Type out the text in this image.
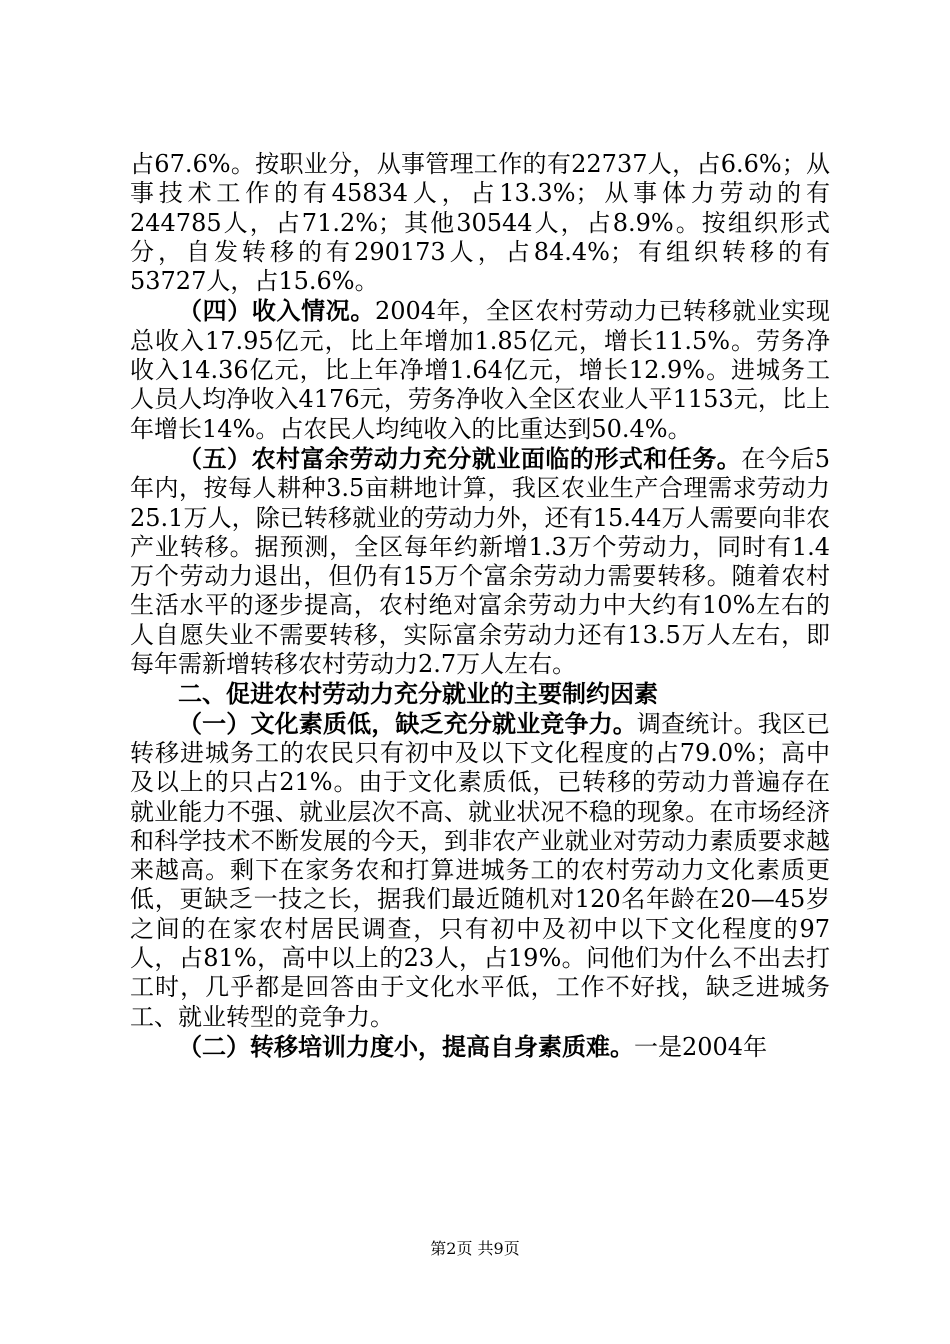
占67.6%。按职业分，从事管理工作的有22737人，占6.6%；从事技术工作的有45834人，占13.3%；从事体力劳动的有244785人，占71.2%；其他30544人，占8.9%。按组织形式分，自发转移的有290173人，占84.4%；有组织转移的有53727人，占15.6%。

（四）收入情况。2004年，全区农村劳动力已转移就业实现总收入17.95亿元，比上年增加1.85亿元，增长11.5%。劳务净收入14.36亿元，比上年净增1.64亿元，增长12.9%。进城务工人员人均净收入4176元，劳务净收入全区农业人平1153元，比上年增长14%。占农民人均纯收入的比重达到50.4%。

（五）农村富余劳动力充分就业面临的形式和任务。在今后5年内，按每人耕种3.5亩耕地计算，我区农业生产合理需求劳动力25.1万人，除已转移就业的劳动力外，还有15.44万人需要向非农产业转移。据预测，全区每年约新增1.3万个劳动力，同时有1.4万个劳动力退出，但仍有15万个富余劳动力需要转移。随着农村生活水平的逐步提高，农村绝对富余劳动力中大约有10%左右的人自愿失业不需要转移，实际富余劳动力还有13.5万人左右，即每年需新增转移农村劳动力2.7万人左右。

二、促进农村劳动力充分就业的主要制约因素

（一）文化素质低，缺乏充分就业竞争力。调查统计。我区已转移进城务工的农民只有初中及以下文化程度的占79.0%；高中及以上的只占21%。由于文化素质低，已转移的劳动力普遍存在就业能力不强、就业层次不高、就业状况不稳的现象。在市场经济和科学技术不断发展的今天，到非农产业就业对劳动力素质要求越来越高。剩下在家务农和打算进城务工的农村劳动力文化素质更低，更缺乏一技之长，据我们最近随机对120名年龄在20—45岁之间的在家农村居民调查，只有初中及初中以下文化程度的97人，占81%，高中以上的23人，占19%。问他们为什么不出去打工时，几乎都是回答由于文化水平低，工作不好找，缺乏进城务工、就业转型的竞争力。

（二）转移培训力度小，提高自身素质难。一是2004年

第2页 共9页
